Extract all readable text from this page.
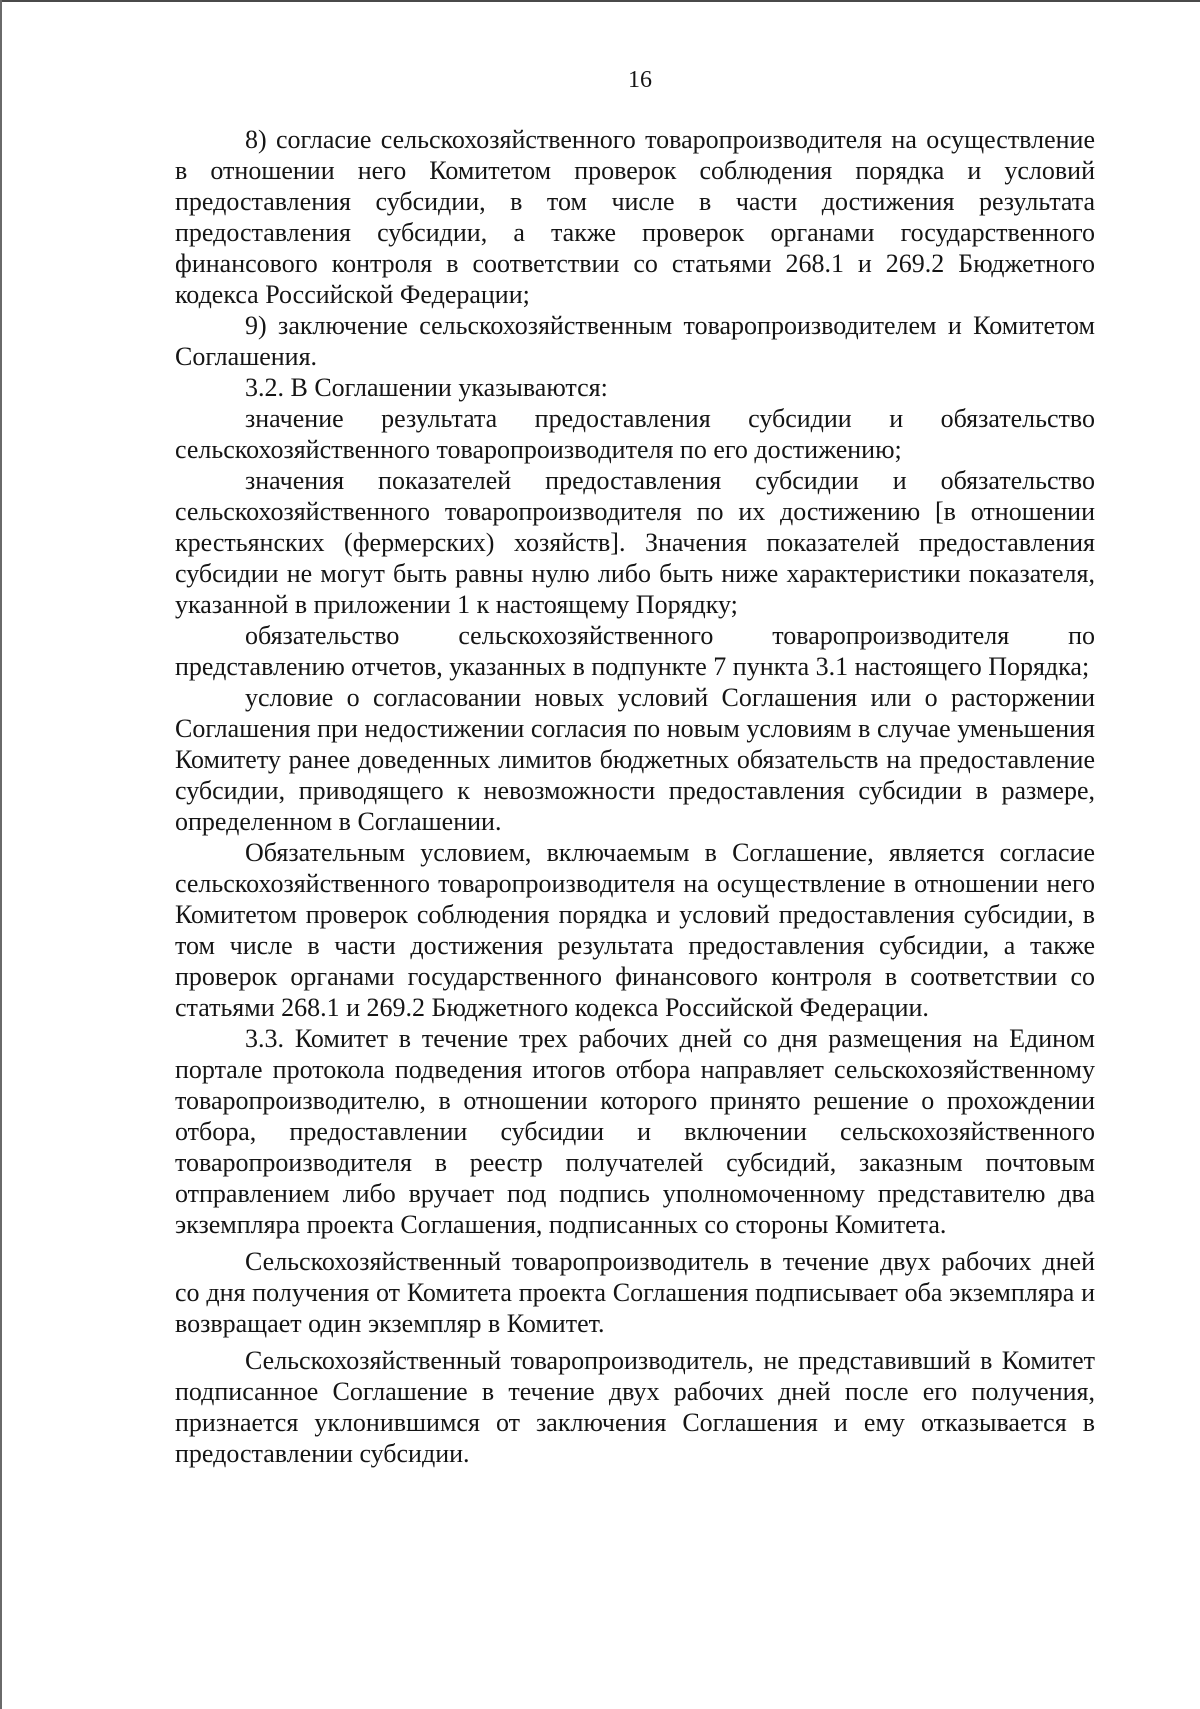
16

8) согласие сельскохозяйственного товаропроизводителя на осуществление в отношении него Комитетом проверок соблюдения порядка и условий предоставления субсидии, в том числе в части достижения результата предоставления субсидии, а также проверок органами государственного финансового контроля в соответствии со статьями 268.1 и 269.2 Бюджетного кодекса Российской Федерации;

9) заключение сельскохозяйственным товаропроизводителем и Комитетом Соглашения.

3.2. В Соглашении указываются:

значение результата предоставления субсидии и обязательство сельскохозяйственного товаропроизводителя по его достижению;

значения показателей предоставления субсидии и обязательство сельскохозяйственного товаропроизводителя по их достижению [в отношении крестьянских (фермерских) хозяйств]. Значения показателей предоставления субсидии не могут быть равны нулю либо быть ниже характеристики показателя, указанной в приложении 1 к настоящему Порядку;

обязательство сельскохозяйственного товаропроизводителя по представлению отчетов, указанных в подпункте 7 пункта 3.1 настоящего Порядка;

условие о согласовании новых условий Соглашения или о расторжении Соглашения при недостижении согласия по новым условиям в случае уменьшения Комитету ранее доведенных лимитов бюджетных обязательств на предоставление субсидии, приводящего к невозможности предоставления субсидии в размере, определенном в Соглашении.

Обязательным условием, включаемым в Соглашение, является согласие сельскохозяйственного товаропроизводителя на осуществление в отношении него Комитетом проверок соблюдения порядка и условий предоставления субсидии, в том числе в части достижения результата предоставления субсидии, а также проверок органами государственного финансового контроля в соответствии со статьями 268.1 и 269.2 Бюджетного кодекса Российской Федерации.

3.3. Комитет в течение трех рабочих дней со дня размещения на Едином портале протокола подведения итогов отбора направляет сельскохозяйственному товаропроизводителю, в отношении которого принято решение о прохождении отбора, предоставлении субсидии и включении сельскохозяйственного товаропроизводителя в реестр получателей субсидий, заказным почтовым отправлением либо вручает под подпись уполномоченному представителю два экземпляра проекта Соглашения, подписанных со стороны Комитета.

Сельскохозяйственный товаропроизводитель в течение двух рабочих дней со дня получения от Комитета проекта Соглашения подписывает оба экземпляра и возвращает один экземпляр в Комитет.

Сельскохозяйственный товаропроизводитель, не представивший в Комитет подписанное Соглашение в течение двух рабочих дней после его получения, признается уклонившимся от заключения Соглашения и ему отказывается в предоставлении субсидии.
